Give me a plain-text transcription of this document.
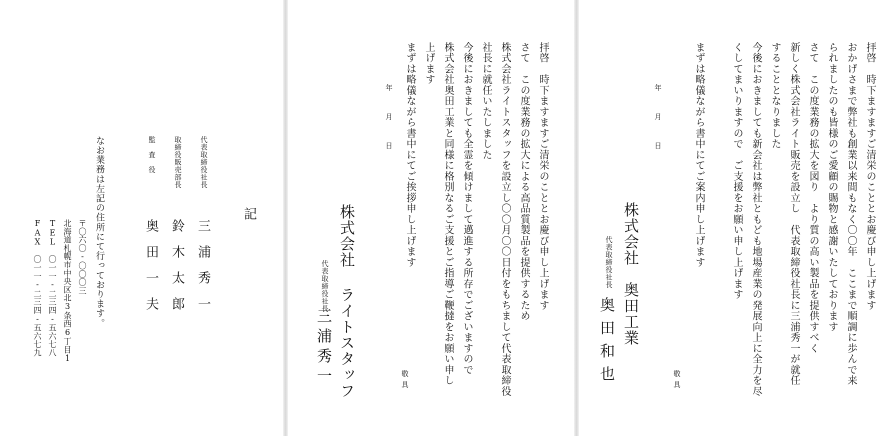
拝啓　時下ますますご清栄のこととお慶び申し上げます
おかげさまで弊社も創業以来間もなく〇〇年　ここまで順調に歩んで来
られましたのも皆様のご愛顧の賜物と感謝いたしております
さて　この度業務の拡大を図り　より質の高い製品を提供すべく
新しく株式会社ライト販売を設立し　代表取締役社長に三浦秀一が就任
することとなりました
今後におきましても新会社は弊社ともども地場産業の発展向上に全力を尽
くしてまいりますので　ご支援をお願い申し上げます
まずは略儀ながら書中にてご案内申し上げます
敬具
年月日
株式会社　奥田工業
代表取締役社長
奥田和也
拝啓　時下ますますご清栄のこととお慶び申し上げます
さて　この度業務の拡大による高品質製品を提供するため
株式会社ライトスタッフを設立し〇〇月〇〇日付をもちまして代表取締役
社長に就任いたしました
今後におきましても全霊を傾けまして邁進する所存でございますので
株式会社奥田工業と同様に格別なるご支援とご指導ご鞭撻をお願い申し
上げます
まずは略儀ながら書中にてご挨拶申し上げます
敬具
年月日
株式会社 ライトスタッフ
代表取締役社長
三浦秀一
記
代表取締役社長
三浦秀一
取締役販売部長
鈴木太郎
監査役
奥田一夫
なお業務は左記の住所にて行っております。
〒〇六〇-〇〇〇三
北海道札幌市中央区北3条西6丁目1
TEL　〇一一-二三四-五六七八
FAX　〇一一-二三四-五六七九
